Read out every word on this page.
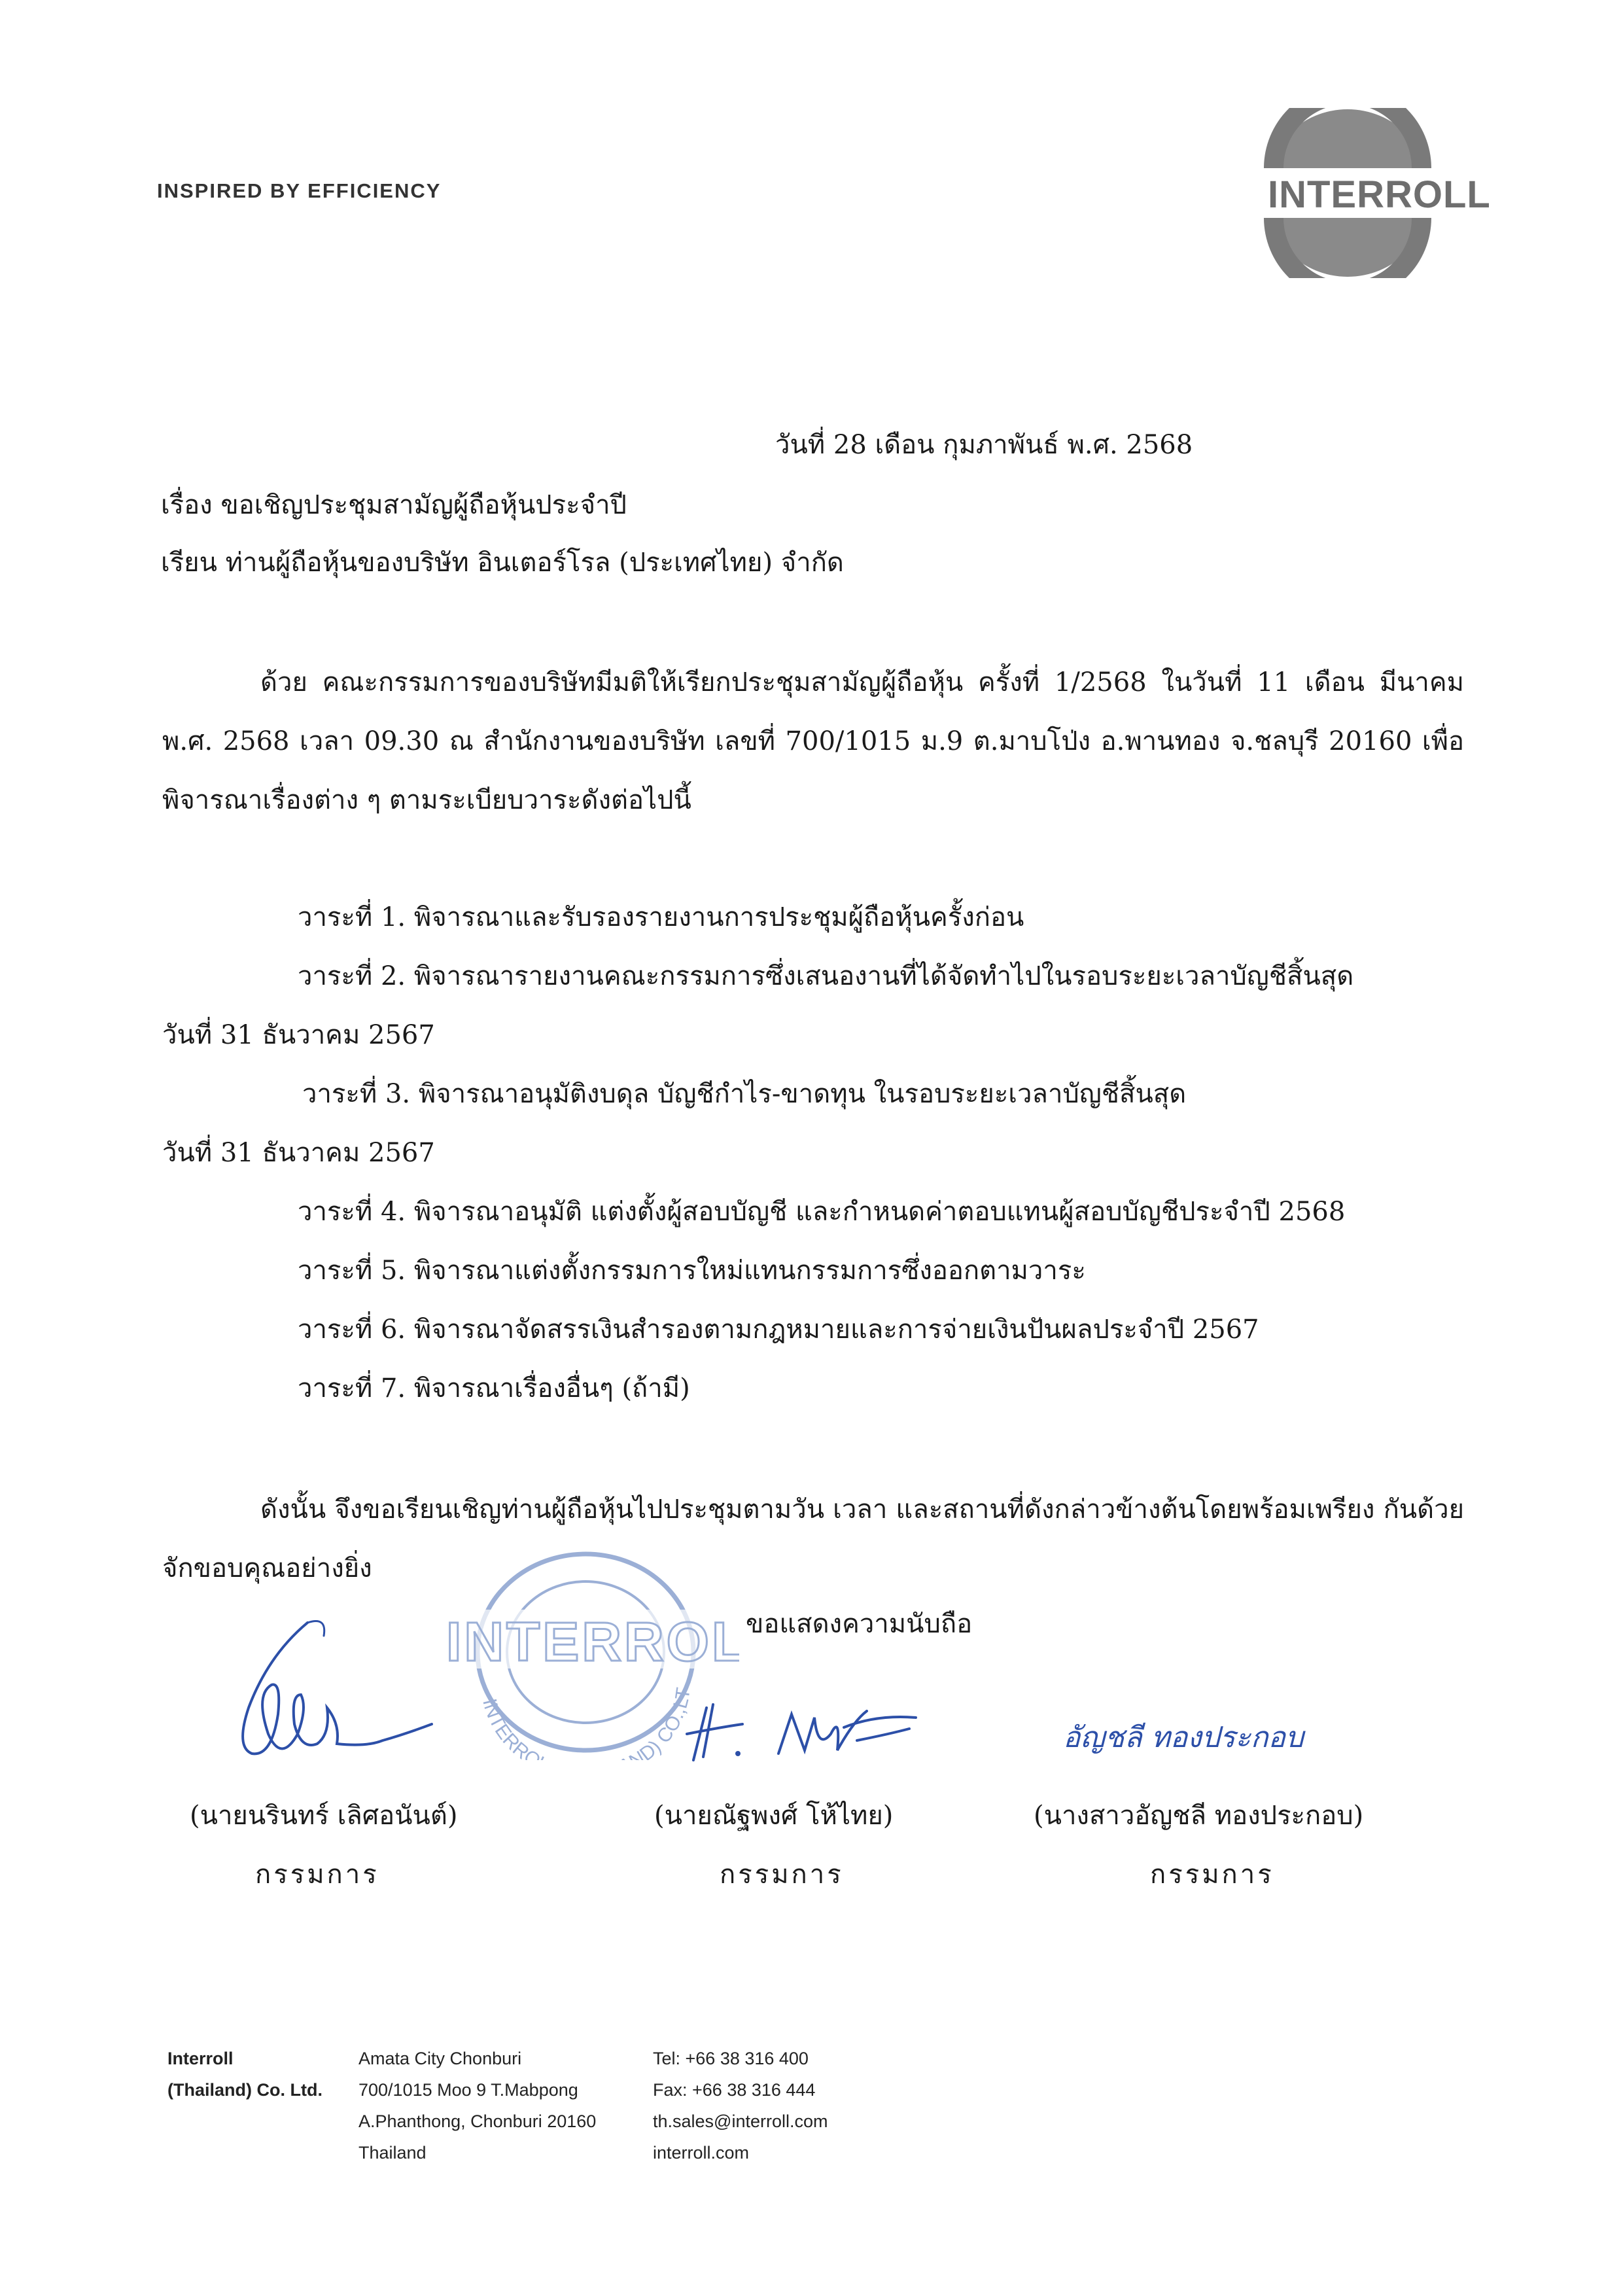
INSPIRED BY EFFICIENCY	INTERROLL
วันที่ 28 เดือน กุมภาพันธ์ พ.ศ. 2568
เรื่อง ขอเชิญประชุมสามัญผู้ถือหุ้นประจำปี
เรียน ท่านผู้ถือหุ้นของบริษัท อินเตอร์โรล (ประเทศไทย) จำกัด
ด้วย คณะกรรมการของบริษัทมีมติให้เรียกประชุมสามัญผู้ถือหุ้น ครั้งที่ 1/2568 ในวันที่ 11 เดือน มีนาคม พ.ศ. 2568 เวลา 09.30 ณ สำนักงานของบริษัท เลขที่ 700/1015 ม.9 ต.มาบโป่ง อ.พานทอง จ.ชลบุรี 20160 เพื่อพิจารณาเรื่องต่าง ๆ ตามระเบียบวาระดังต่อไปนี้
วาระที่ 1. พิจารณาและรับรองรายงานการประชุมผู้ถือหุ้นครั้งก่อน
วาระที่ 2. พิจารณารายงานคณะกรรมการซึ่งเสนองานที่ได้จัดทำไปในรอบระยะเวลาบัญชีสิ้นสุด
วันที่ 31 ธันวาคม 2567
วาระที่ 3. พิจารณาอนุมัติงบดุล บัญชีกำไร-ขาดทุน ในรอบระยะเวลาบัญชีสิ้นสุด
วันที่ 31 ธันวาคม 2567
วาระที่ 4. พิจารณาอนุมัติ แต่งตั้งผู้สอบบัญชี และกำหนดค่าตอบแทนผู้สอบบัญชีประจำปี 2568
วาระที่ 5. พิจารณาแต่งตั้งกรรมการใหม่แทนกรรมการซึ่งออกตามวาระ
วาระที่ 6. พิจารณาจัดสรรเงินสำรองตามกฎหมายและการจ่ายเงินปันผลประจำปี 2567
วาระที่ 7. พิจารณาเรื่องอื่นๆ (ถ้ามี)
ดังนั้น จึงขอเรียนเชิญท่านผู้ถือหุ้นไปประชุมตามวัน เวลา และสถานที่ดังกล่าวข้างต้นโดยพร้อมเพรียง กันด้วย จักขอบคุณอย่างยิ่ง
ขอแสดงความนับถือ
INTERROL
INTERRO ND) CO.,LT
อัญชลี ทองประกอบ
(นายนรินทร์ เลิศอนันต์)
กรรมการ
(นายณัฐพงศ์ โห้ไทย)
กรรมการ
(นางสาวอัญชลี ทองประกอบ)
กรรมการ
Interroll
(Thailand) Co. Ltd.
Amata City Chonburi
700/1015 Moo 9 T.Mabpong
A.Phanthong, Chonburi 20160
Thailand
Tel: +66 38 316 400
Fax: +66 38 316 444
th.sales@interroll.com
interroll.com
